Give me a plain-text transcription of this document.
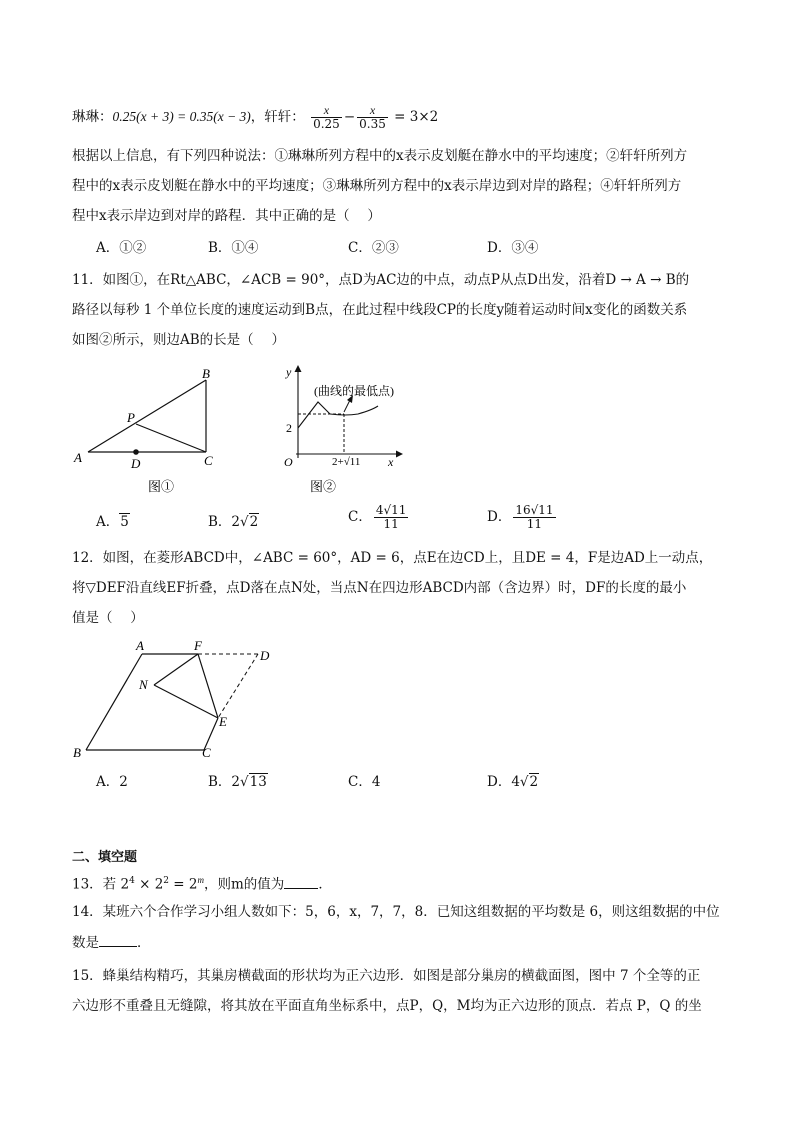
琳琳：0.25(x + 3) = 0.35(x − 3)，轩轩： $\frac{x}{0.25} - \frac{x}{0.35} = 3\times 2$
根据以上信息，有下列四种说法：①琳琳所列方程中的x表示皮划艇在静水中的平均速度；②轩轩所列方
程中的x表示皮划艇在静水中的平均速度；③琳琳所列方程中的x表示岸边到对岸的路程；④轩轩所列方
程中x表示岸边到对岸的路程．其中正确的是（　 ）
A．①②	B．①④	C．②③	D．③④
11．如图①，在Rt△ABC，∠ACB = 90°，点D为AC边的中点，动点P从点D出发，沿着D → A → B的
路径以每秒 1 个单位长度的速度运动到B点，在此过程中线段CP的长度y随着运动时间x变化的函数关系
如图②所示，则边AB的长是（　 ）
A
B
C
D
P
图①
y
x
O
2
2+√11
(曲线的最低点)
图②
A．5	B．2√2	C． $\frac{4√11}{11}$	D． $\frac{16√11}{11}$
12．如图，在菱形ABCD中，∠ABC = 60°，AD = 6，点E在边CD上，且DE = 4，F是边AD上一动点，
将▽DEF沿直线EF折叠，点D落在点N处，当点N在四边形ABCD内部（含边界）时，DF的长度的最小
值是（　 ）
A	F
D
N
E
B	C
A．2	B．2√13	C．4	D．4√2
二、填空题
13．若 $2^4 \times 2^2 = 2^m$，则m的值为	．
14．某班六个合作学习小组人数如下：5，6，x，7，7，8．已知这组数据的平均数是 6，则这组数据的中位
数是	．
15．蜂巢结构精巧，其巢房横截面的形状均为正六边形．如图是部分巢房的横截面图，图中 7 个全等的正
六边形不重叠且无缝隙，将其放在平面直角坐标系中，点P，Q，M均为正六边形的顶点．若点 P，Q 的坐
